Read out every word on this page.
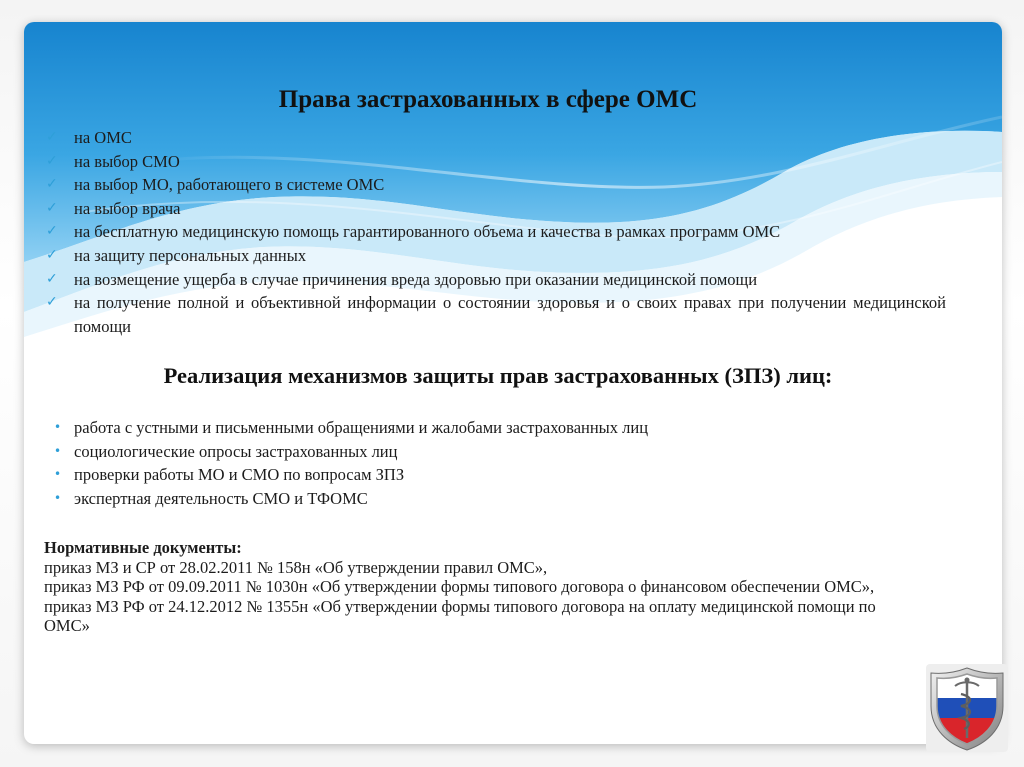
Права застрахованных в сфере ОМС
✓ на ОМС
✓ на выбор СМО
✓ на выбор МО, работающего в системе ОМС
✓ на выбор врача
✓ на бесплатную медицинскую помощь гарантированного объема и качества в рамках программ ОМС
✓ на защиту персональных данных
✓ на возмещение ущерба в случае причинения вреда здоровью при оказании медицинской помощи
✓ на получение полной и объективной информации о состоянии здоровья и о своих правах при получении медицинской помощи
Реализация механизмов защиты прав застрахованных (ЗПЗ) лиц:
• работа с устными и письменными обращениями и жалобами застрахованных лиц
• социологические опросы застрахованных лиц
• проверки работы МО и СМО по вопросам ЗПЗ
• экспертная деятельность СМО и ТФОМС
Нормативные документы:
приказ МЗ и СР от 28.02.2011 № 158н «Об утверждении правил ОМС»,
приказ МЗ РФ от 09.09.2011 № 1030н «Об утверждении формы типового договора о финансовом обеспечении ОМС»,
приказ МЗ РФ от 24.12.2012 № 1355н «Об утверждении формы типового договора на оплату медицинской помощи по ОМС»
